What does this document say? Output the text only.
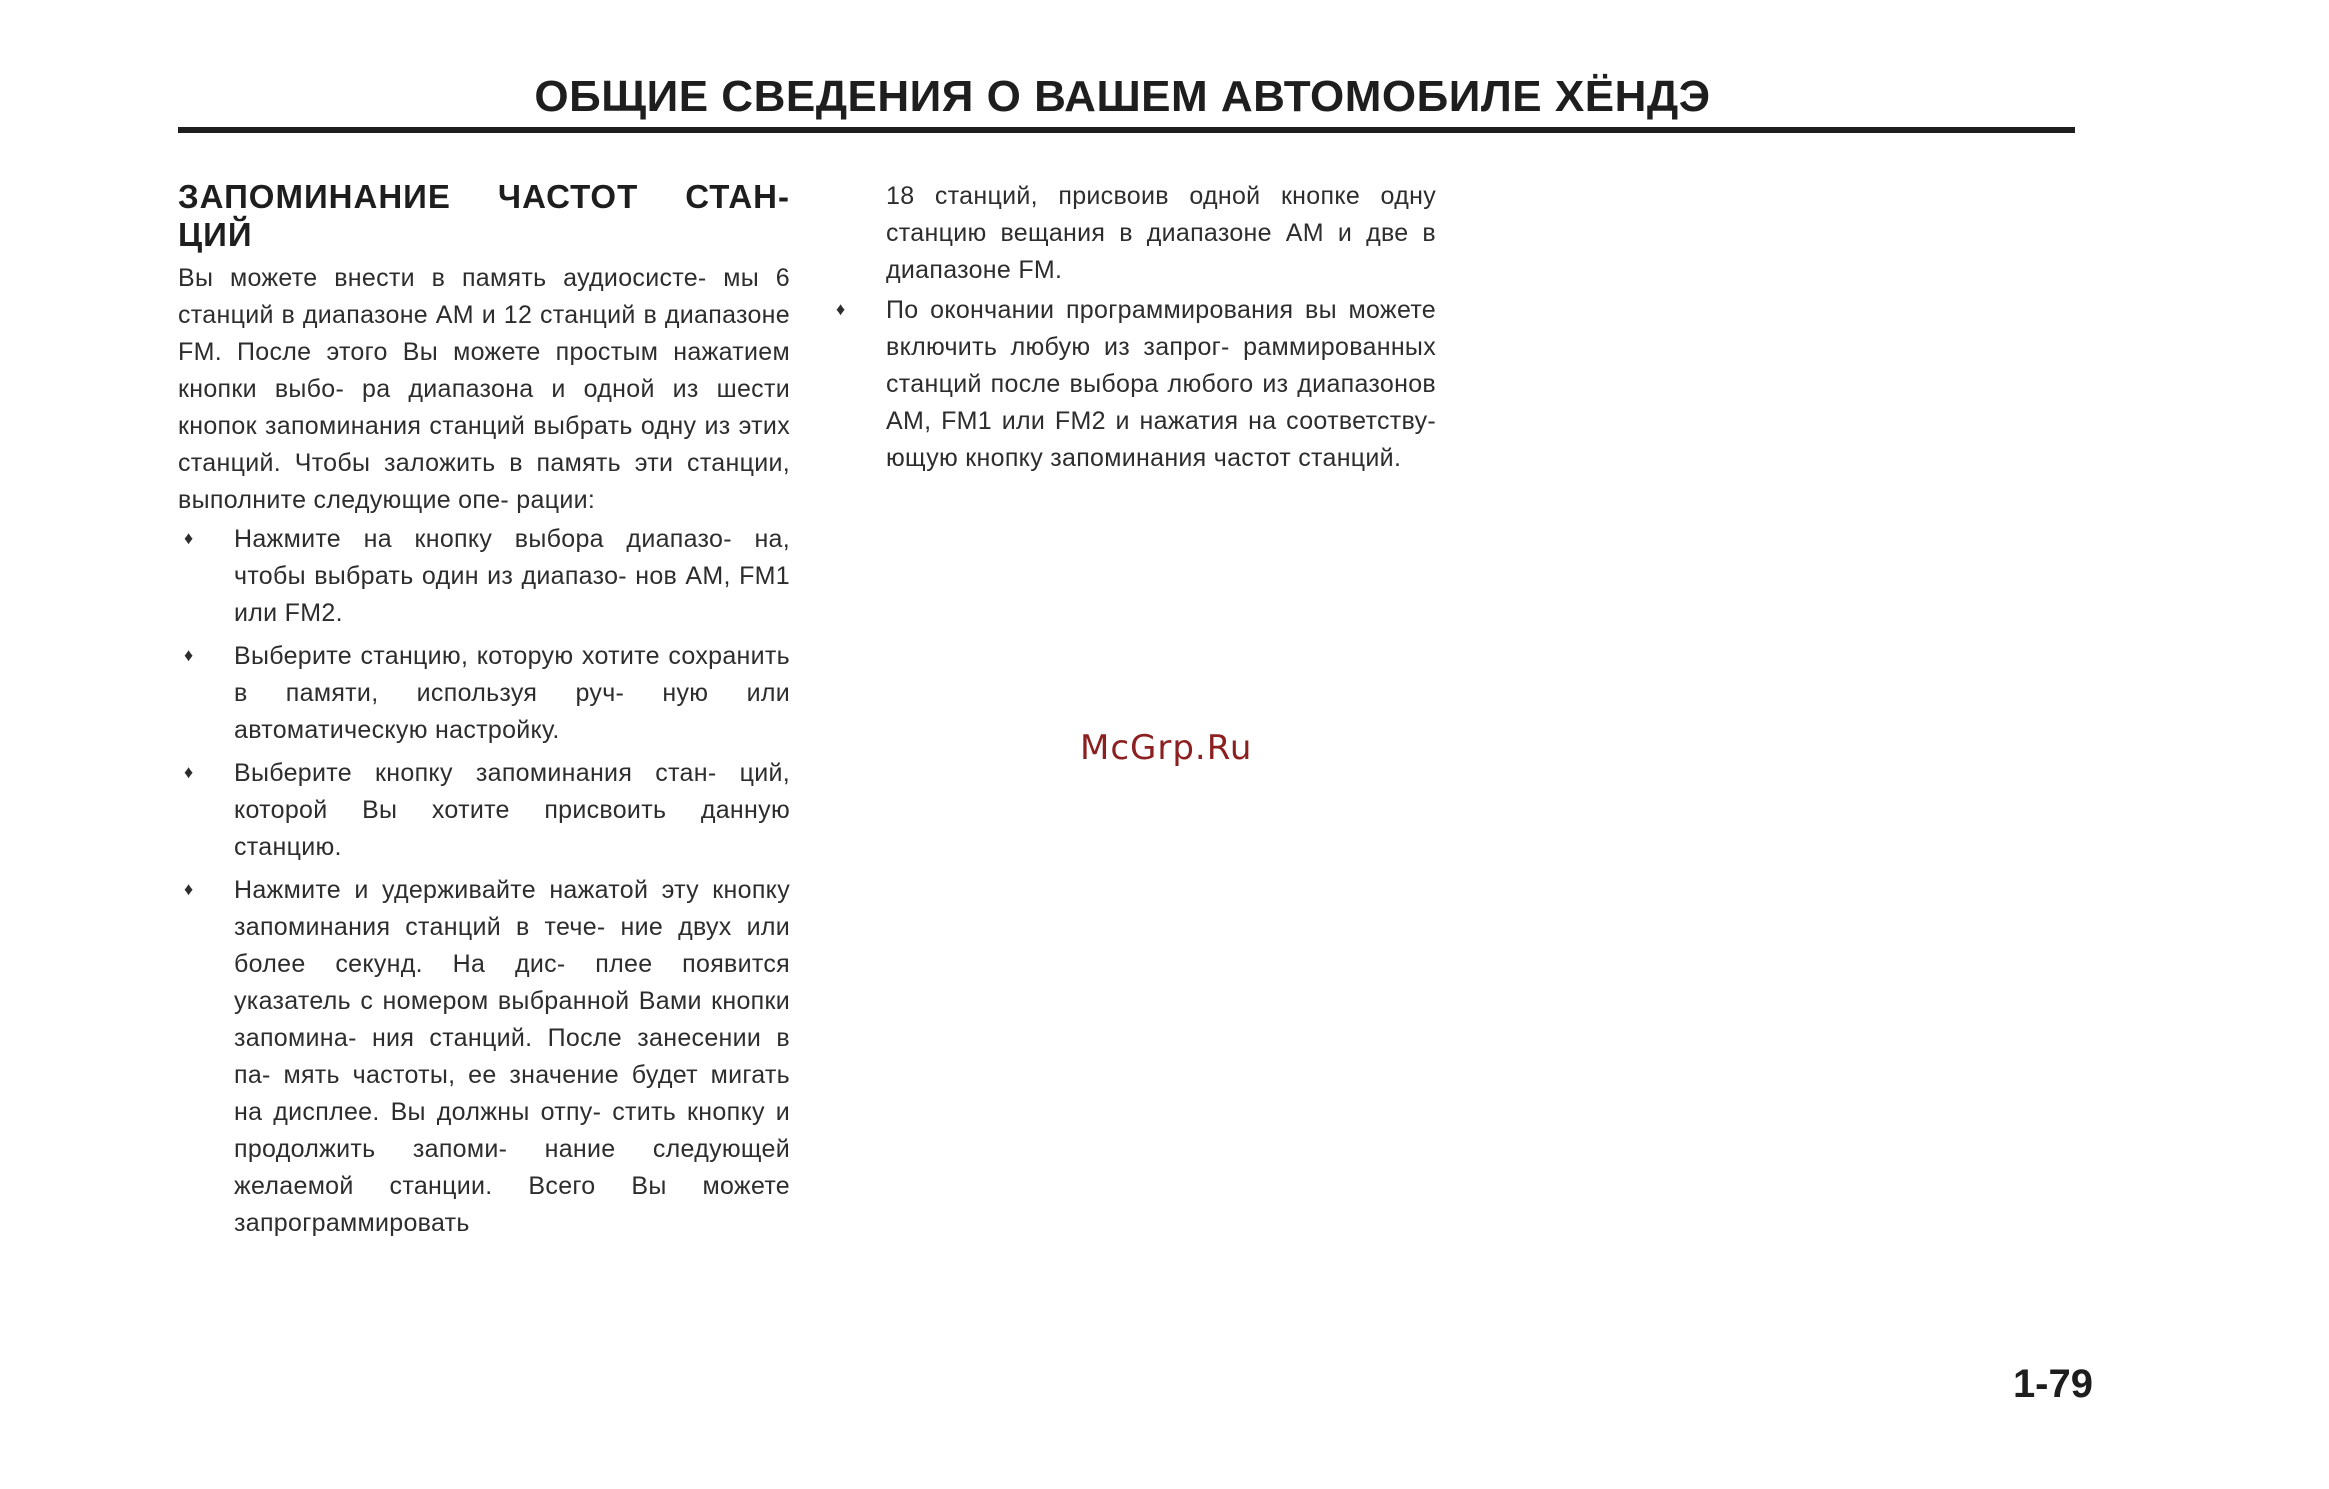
ОБЩИЕ СВЕДЕНИЯ О ВАШЕМ АВТОМОБИЛЕ ХЁНДЭ
ЗАПОМИНАНИЕ ЧАСТОТ СТАН- ЦИЙ

Вы можете внести в память аудиосисте- мы 6 станций в диапазоне АМ и 12 станций в диапазоне FM. После этого Вы можете простым нажатием кнопки выбо- ра диапазона и одной из шести кнопок запоминания станций выбрать одну из этих станций. Чтобы заложить в память эти станции, выполните следующие опе- рации:

♦ Нажмите на кнопку выбора диапазо- на, чтобы выбрать один из диапазо- нов АМ, FM1 или FM2.
♦ Выберите станцию, которую хотите сохранить в памяти, используя руч- ную или автоматическую настройку.
♦ Выберите кнопку запоминания стан- ций, которой Вы хотите присвоить данную станцию.
♦ Нажмите и удерживайте нажатой эту кнопку запоминания станций в тече- ние двух или более секунд. На дис- плее появится указатель с номером выбранной Вами кнопки запомина- ния станций. После занесении в па- мять частоты, ее значение будет мигать на дисплее. Вы должны отпу- стить кнопку и продолжить запоми- нание следующей желаемой станции. Всего Вы можете запрограммировать

18 станций, присвоив одной кнопке одну станцию вещания в диапазоне АМ и две в диапазоне FM.

♦ По окончании программирования вы можете включить любую из запрог- раммированных станций после выбора любого из диапазонов АМ, FM1 или FM2 и нажатия на соответству- ющую кнопку запоминания частот станций.
McGrp.Ru
1-79
